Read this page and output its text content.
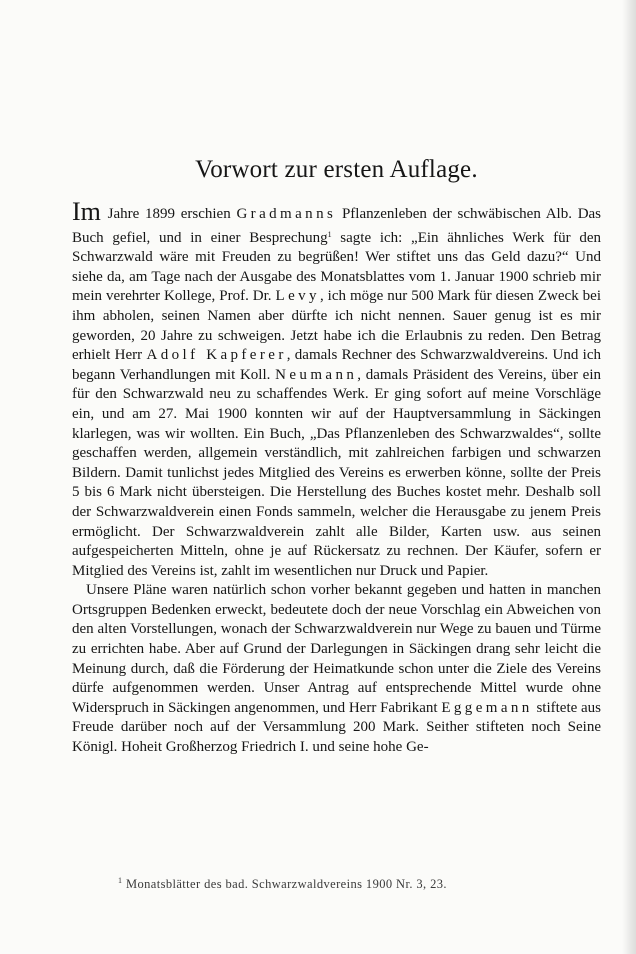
Vorwort zur ersten Auflage.

Im Jahre 1899 erschien Gradmanns Pflanzenleben der schwäbischen Alb. Das Buch gefiel, und in einer Besprechung$^1$ sagte ich: „Ein ähnliches Werk für den Schwarzwald wäre mit Freuden zu begrüßen! Wer stiftet uns das Geld dazu?“ Und siehe da, am Tage nach der Ausgabe des Monatsblattes vom 1. Januar 1900 schrieb mir mein verehrter Kollege, Prof. Dr. Levy, ich möge nur 500 Mark für diesen Zweck bei ihm abholen, seinen Namen aber dürfte ich nicht nennen. Sauer genug ist es mir geworden, 20 Jahre zu schweigen. Jetzt habe ich die Erlaubnis zu reden. Den Betrag erhielt Herr Adolf Kapferer, damals Rechner des Schwarzwaldvereins. Und ich begann Verhandlungen mit Koll. Neumann, damals Präsident des Vereins, über ein für den Schwarzwald neu zu schaffendes Werk. Er ging sofort auf meine Vorschläge ein, und am 27. Mai 1900 konnten wir auf der Hauptversammlung in Säckingen klarlegen, was wir wollten. Ein Buch, „Das Pflanzenleben des Schwarzwaldes“, sollte geschaffen werden, allgemein verständlich, mit zahlreichen farbigen und schwarzen Bildern. Damit tunlichst jedes Mitglied des Vereins es erwerben könne, sollte der Preis 5 bis 6 Mark nicht übersteigen. Die Herstellung des Buches kostet mehr. Deshalb soll der Schwarzwaldverein einen Fonds sammeln, welcher die Herausgabe zu jenem Preis ermöglicht. Der Schwarzwaldverein zahlt alle Bilder, Karten usw. aus seinen aufgespeicherten Mitteln, ohne je auf Rückersatz zu rechnen. Der Käufer, sofern er Mitglied des Vereins ist, zahlt im wesentlichen nur Druck und Papier.

Unsere Pläne waren natürlich schon vorher bekannt gegeben und hatten in manchen Ortsgruppen Bedenken erweckt, bedeutete doch der neue Vorschlag ein Abweichen von den alten Vorstellungen, wonach der Schwarzwaldverein nur Wege zu bauen und Türme zu errichten habe. Aber auf Grund der Darlegungen in Säckingen drang sehr leicht die Meinung durch, daß die Förderung der Heimatkunde schon unter die Ziele des Vereins dürfe aufgenommen werden. Unser Antrag auf entsprechende Mittel wurde ohne Widerspruch in Säckingen angenommen, und Herr Fabrikant Eggemann stiftete aus Freude darüber noch auf der Versammlung 200 Mark. Seither stifteten noch Seine Königl. Hoheit Großherzog Friedrich I. und seine hohe Ge-

$^1$ Monatsblätter des bad. Schwarzwaldvereins 1900 Nr. 3, 23.
